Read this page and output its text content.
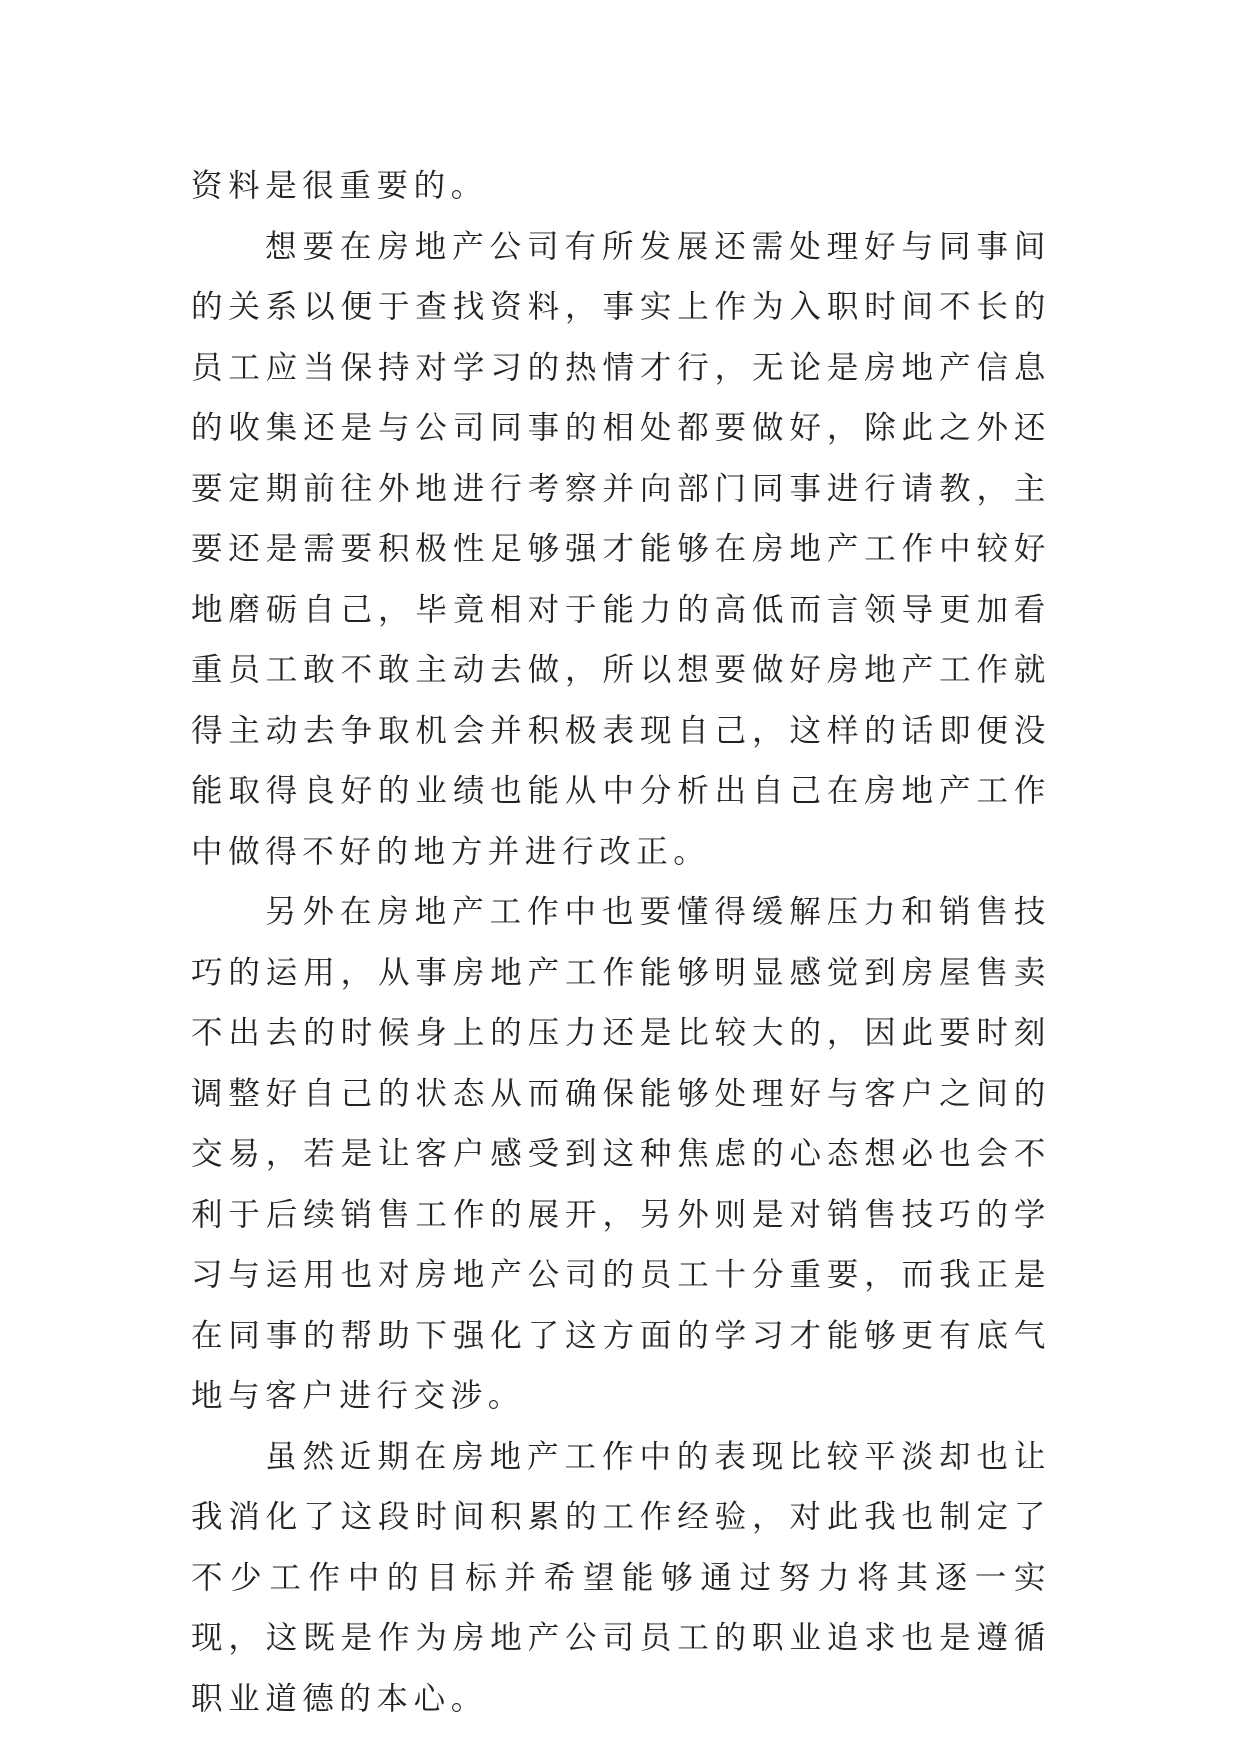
资料是很重要的。

想要在房地产公司有所发展还需处理好与同事间的关系以便于查找资料，事实上作为入职时间不长的员工应当保持对学习的热情才行，无论是房地产信息的收集还是与公司同事的相处都要做好，除此之外还要定期前往外地进行考察并向部门同事进行请教，主要还是需要积极性足够强才能够在房地产工作中较好地磨砺自己，毕竟相对于能力的高低而言领导更加看重员工敢不敢主动去做，所以想要做好房地产工作就得主动去争取机会并积极表现自己，这样的话即便没能取得良好的业绩也能从中分析出自己在房地产工作中做得不好的地方并进行改正。

另外在房地产工作中也要懂得缓解压力和销售技巧的运用，从事房地产工作能够明显感觉到房屋售卖不出去的时候身上的压力还是比较大的，因此要时刻调整好自己的状态从而确保能够处理好与客户之间的交易，若是让客户感受到这种焦虑的心态想必也会不利于后续销售工作的展开，另外则是对销售技巧的学习与运用也对房地产公司的员工十分重要，而我正是在同事的帮助下强化了这方面的学习才能够更有底气地与客户进行交涉。

虽然近期在房地产工作中的表现比较平淡却也让我消化了这段时间积累的工作经验，对此我也制定了不少工作中的目标并希望能够通过努力将其逐一实现，这既是作为房地产公司员工的职业追求也是遵循职业道德的本心。
